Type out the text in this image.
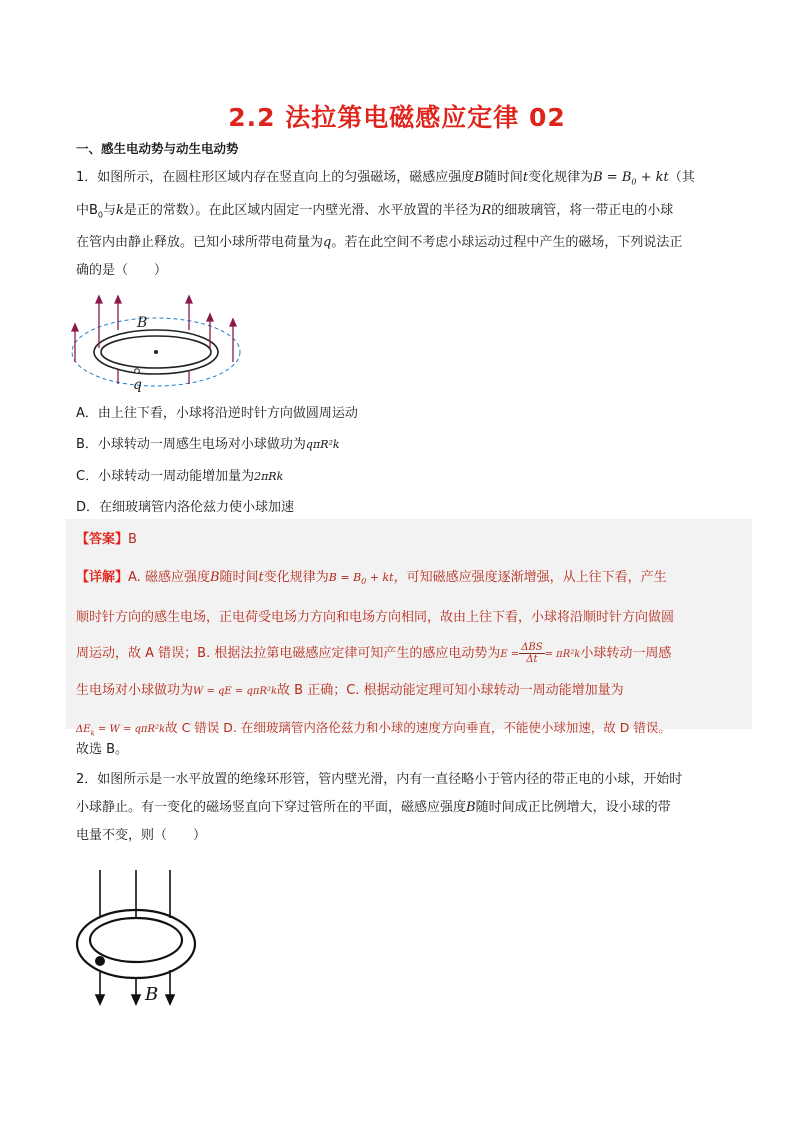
2.2 法拉第电磁感应定律 02
一、感生电动势与动生电动势
1．如图所示，在圆柱形区域内存在竖直向上的匀强磁场，磁感应强度B随时间t变化规律为$B = B_0 + kt$（其
中$B_0$与k是正的常数）。在此区域内固定一内壁光滑、水平放置的半径为R的细玻璃管，将一带正电的小球
在管内由静止释放。已知小球所带电荷量为q。若在此空间不考虑小球运动过程中产生的磁场，下列说法正
确的是（　　）
B
q
A．由上往下看，小球将沿逆时针方向做圆周运动
B．小球转动一周感生电场对小球做功为qπR²k
C．小球转动一周动能增加量为2πRk
D．在细玻璃管内洛伦兹力使小球加速
【答案】B
【详解】A. 磁感应强度B随时间t变化规律为$B = B_0$ + kt，可知磁感应强度逐渐增强，从上往下看，产生
顺时针方向的感生电场，正电荷受电场力方向和电场方向相同，故由上往下看，小球将沿顺时针方向做圆
周运动，故 A 错误；B. 根据法拉第电磁感应定律可知产生的感应电动势为$E = \frac{\text{ΔBS}}{\Delta t} = \pi R^2k$小球转动一周感
生电场对小球做功为W = qE = qπR²k故 B 正确；C. 根据动能定理可知小球转动一周动能增加量为
$\Delta E_k = W = q\pi R^2k$故 C 错误 D. 在细玻璃管内洛伦兹力和小球的速度方向垂直，不能使小球加速，故 D 错误。
故选 B。
2．如图所示是一水平放置的绝缘环形管，管内壁光滑，内有一直径略小于管内径的带正电的小球，开始时
小球静止。有一变化的磁场竖直向下穿过管所在的平面，磁感应强度B随时间成正比例增大，设小球的带
电量不变，则（　　）
B
